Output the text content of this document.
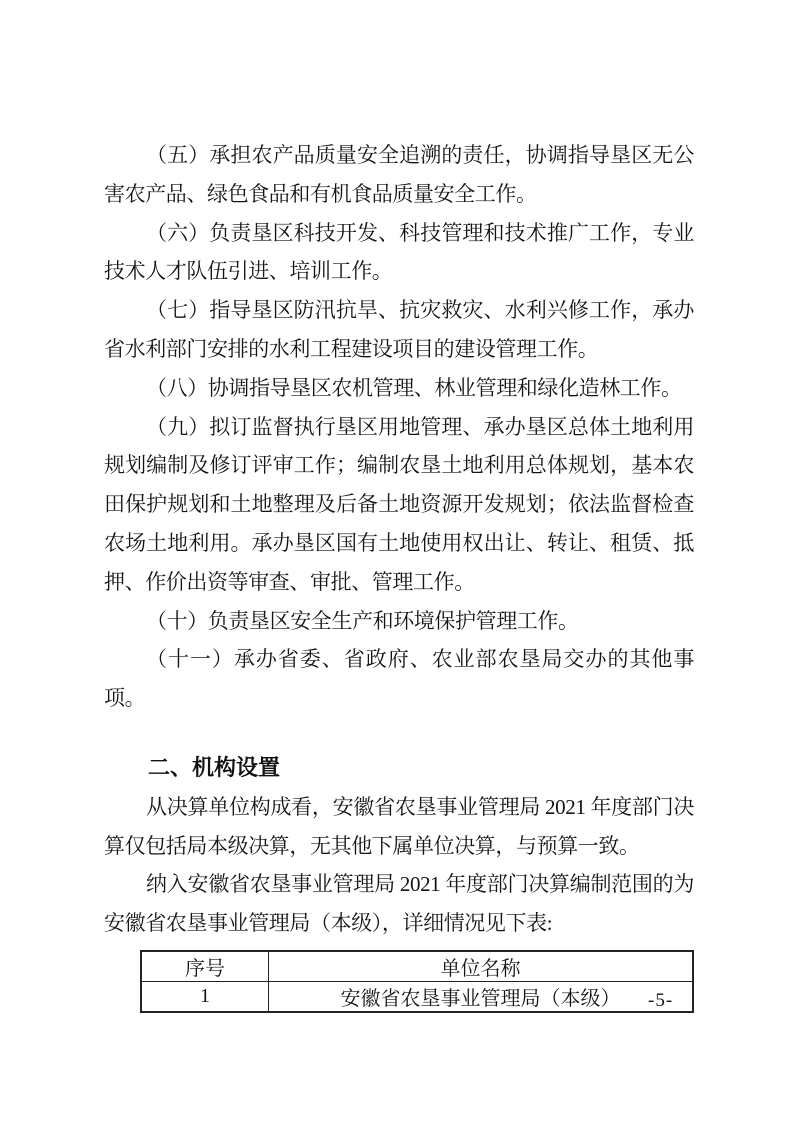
（五）承担农产品质量安全追溯的责任，协调指导垦区无公害农产品、绿色食品和有机食品质量安全工作。

（六）负责垦区科技开发、科技管理和技术推广工作，专业技术人才队伍引进、培训工作。

（七）指导垦区防汛抗旱、抗灾救灾、水利兴修工作，承办省水利部门安排的水利工程建设项目的建设管理工作。

（八）协调指导垦区农机管理、林业管理和绿化造林工作。

（九）拟订监督执行垦区用地管理、承办垦区总体土地利用规划编制及修订评审工作；编制农垦土地利用总体规划，基本农田保护规划和土地整理及后备土地资源开发规划；依法监督检查农场土地利用。承办垦区国有土地使用权出让、转让、租赁、抵押、作价出资等审查、审批、管理工作。

（十）负责垦区安全生产和环境保护管理工作。

（十一）承办省委、省政府、农业部农垦局交办的其他事项。

二、机构设置

从决算单位构成看，安徽省农垦事业管理局 2021 年度部门决算仅包括局本级决算，无其他下属单位决算，与预算一致。

纳入安徽省农垦事业管理局 2021 年度部门决算编制范围的为安徽省农垦事业管理局（本级），详细情况见下表:

序号	单位名称
1	安徽省农垦事业管理局（本级） -5-
